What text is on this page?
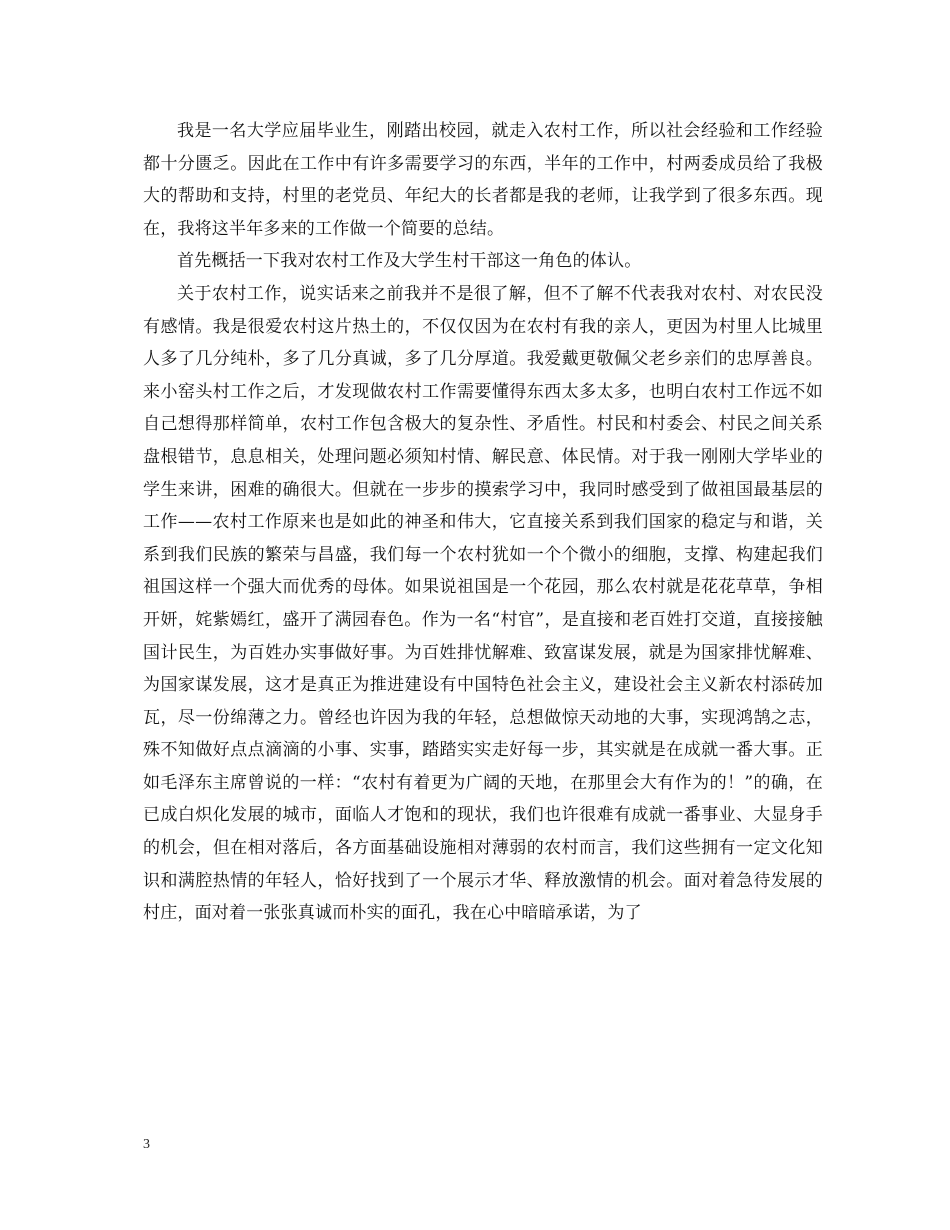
我是一名大学应届毕业生，刚踏出校园，就走入农村工作，所以社会经验和工作经验都十分匮乏。因此在工作中有许多需要学习的东西，半年的工作中，村两委成员给了我极大的帮助和支持，村里的老党员、年纪大的长者都是我的老师，让我学到了很多东西。现在，我将这半年多来的工作做一个简要的总结。

首先概括一下我对农村工作及大学生村干部这一角色的体认。

关于农村工作，说实话来之前我并不是很了解，但不了解不代表我对农村、对农民没有感情。我是很爱农村这片热土的，不仅仅因为在农村有我的亲人，更因为村里人比城里人多了几分纯朴，多了几分真诚，多了几分厚道。我爱戴更敬佩父老乡亲们的忠厚善良。来小窑头村工作之后，才发现做农村工作需要懂得东西太多太多，也明白农村工作远不如自己想得那样简单，农村工作包含极大的复杂性、矛盾性。村民和村委会、村民之间关系盘根错节，息息相关，处理问题必须知村情、解民意、体民情。对于我一刚刚大学毕业的学生来讲，困难的确很大。但就在一步步的摸索学习中，我同时感受到了做祖国最基层的工作——农村工作原来也是如此的神圣和伟大，它直接关系到我们国家的稳定与和谐，关系到我们民族的繁荣与昌盛，我们每一个农村犹如一个个微小的细胞，支撑、构建起我们祖国这样一个强大而优秀的母体。如果说祖国是一个花园，那么农村就是花花草草，争相开妍，姹紫嫣红，盛开了满园春色。作为一名“村官”，是直接和老百姓打交道，直接接触国计民生，为百姓办实事做好事。为百姓排忧解难、致富谋发展，就是为国家排忧解难、为国家谋发展，这才是真正为推进建设有中国特色社会主义，建设社会主义新农村添砖加瓦，尽一份绵薄之力。曾经也许因为我的年轻，总想做惊天动地的大事，实现鸿鹄之志，殊不知做好点点滴滴的小事、实事，踏踏实实走好每一步，其实就是在成就一番大事。正如毛泽东主席曾说的一样：“农村有着更为广阔的天地，在那里会大有作为的！”的确，在已成白炽化发展的城市，面临人才饱和的现状，我们也许很难有成就一番事业、大显身手的机会，但在相对落后，各方面基础设施相对薄弱的农村而言，我们这些拥有一定文化知识和满腔热情的年轻人，恰好找到了一个展示才华、释放激情的机会。面对着急待发展的村庄，面对着一张张真诚而朴实的面孔，我在心中暗暗承诺，为了

3
